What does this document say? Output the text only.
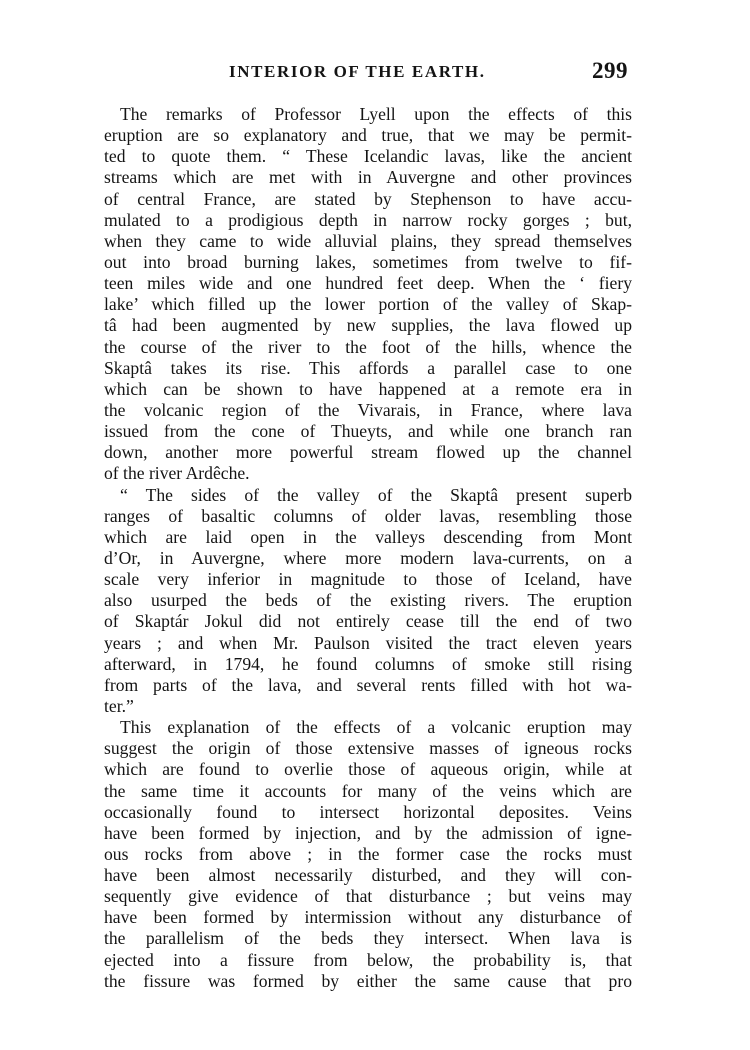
INTERIOR OF THE EARTH.	299
The remarks of Professor Lyell upon the effects of this
eruption are so explanatory and true, that we may be permit-
ted to quote them. “ These Icelandic lavas, like the ancient
streams which are met with in Auvergne and other provinces
of central France, are stated by Stephenson to have accu-
mulated to a prodigious depth in narrow rocky gorges ; but,
when they came to wide alluvial plains, they spread themselves
out into broad burning lakes, sometimes from twelve to fif-
teen miles wide and one hundred feet deep. When the ‘ fiery
lake’ which filled up the lower portion of the valley of Skap-
tâ had been augmented by new supplies, the lava flowed up
the course of the river to the foot of the hills, whence the
Skaptâ takes its rise. This affords a parallel case to one
which can be shown to have happened at a remote era in
the volcanic region of the Vivarais, in France, where lava
issued from the cone of Thueyts, and while one branch ran
down, another more powerful stream flowed up the channel
of the river Ardêche.
“ The sides of the valley of the Skaptâ present superb
ranges of basaltic columns of older lavas, resembling those
which are laid open in the valleys descending from Mont
d’Or, in Auvergne, where more modern lava-currents, on a
scale very inferior in magnitude to those of Iceland, have
also usurped the beds of the existing rivers. The eruption
of Skaptár Jokul did not entirely cease till the end of two
years ; and when Mr. Paulson visited the tract eleven years
afterward, in 1794, he found columns of smoke still rising
from parts of the lava, and several rents filled with hot wa-
ter.”
This explanation of the effects of a volcanic eruption may
suggest the origin of those extensive masses of igneous rocks
which are found to overlie those of aqueous origin, while at
the same time it accounts for many of the veins which are
occasionally found to intersect horizontal deposites. Veins
have been formed by injection, and by the admission of igne-
ous rocks from above ; in the former case the rocks must
have been almost necessarily disturbed, and they will con-
sequently give evidence of that disturbance ; but veins may
have been formed by intermission without any disturbance of
the parallelism of the beds they intersect. When lava is
ejected into a fissure from below, the probability is, that
the fissure was formed by either the same cause that pro
